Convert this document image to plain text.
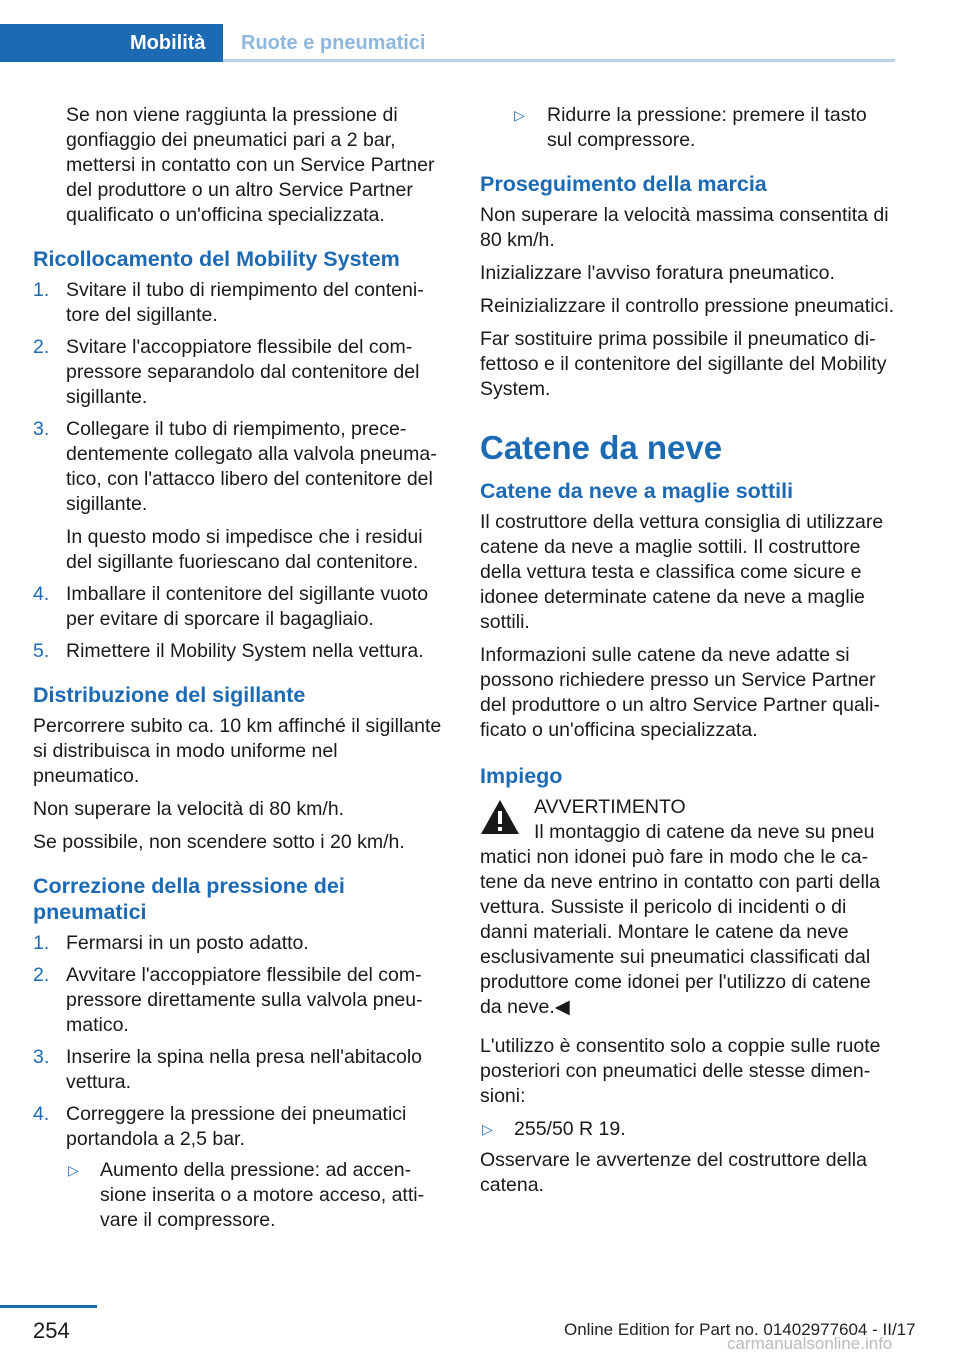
Mobilità Ruote e pneumatici

Se non viene raggiunta la pressione di gonfiaggio dei pneumatici pari a 2 bar, mettersi in contatto con un Service Partner del produttore o un altro Service Partner qualificato o un'officina specializzata.

Ricollocamento del Mobility System
1. Svitare il tubo di riempimento del contenitore del sigillante.
2. Svitare l'accoppiatore flessibile del compressore separandolo dal contenitore del sigillante.
3. Collegare il tubo di riempimento, precedentemente collegato alla valvola pneumatico, con l'attacco libero del contenitore del sigillante.

In questo modo si impedisce che i residui del sigillante fuoriescano dal contenitore.

4. Imballare il contenitore del sigillante vuoto per evitare di sporcare il bagagliaio.
5. Rimettere il Mobility System nella vettura.
Distribuzione del sigillante

Percorrere subito ca. 10 km affinché il sigillante si distribuisca in modo uniforme nel pneumatico.

Non superare la velocità di 80 km/h.

Se possibile, non scendere sotto i 20 km/h.

Correzione della pressione dei pneumatici
1. Fermarsi in un posto adatto.
2. Avvitare l'accoppiatore flessibile del compressore direttamente sulla valvola pneumatico.
3. Inserire la spina nella presa nell'abitacolo vettura.
4. Correggere la pressione dei pneumatici portandola a 2,5 bar.
▷ Aumento della pressione: ad accensione inserita o a motore acceso, attivare il compressore.
▷ Ridurre la pressione: premere il tasto sul compressore.
Proseguimento della marcia

Non superare la velocità massima consentita di 80 km/h.

Inizializzare l'avviso foratura pneumatico.

Reinizializzare il controllo pressione pneumatici.

Far sostituire prima possibile il pneumatico difettoso e il contenitore del sigillante del Mobility System.

Catene da neve
Catene da neve a maglie sottili

Il costruttore della vettura consiglia di utilizzare catene da neve a maglie sottili. Il costruttore della vettura testa e classifica come sicure e idonee determinate catene da neve a maglie sottili.

Informazioni sulle catene da neve adatte si possono richiedere presso un Service Partner del produttore o un altro Service Partner qualificato o un'officina specializzata.

Impiego

AVVERTIMENTO

Il montaggio di catene da neve su pneu
matici non idonei può fare in modo che le catene da neve entrino in contatto con parti della vettura. Sussiste il pericolo di incidenti o di danni materiali. Montare le catene da neve esclusivamente sui pneumatici classificati dal produttore come idonei per l'utilizzo di catene da neve.◀

L'utilizzo è consentito solo a coppie sulle ruote posteriori con pneumatici delle stesse dimensioni:

▷ 255/50 R 19.

Osservare le avvertenze del costruttore della catena.

254	Online Edition for Part no. 01402977604 - II/17
carmanualsonline.info
